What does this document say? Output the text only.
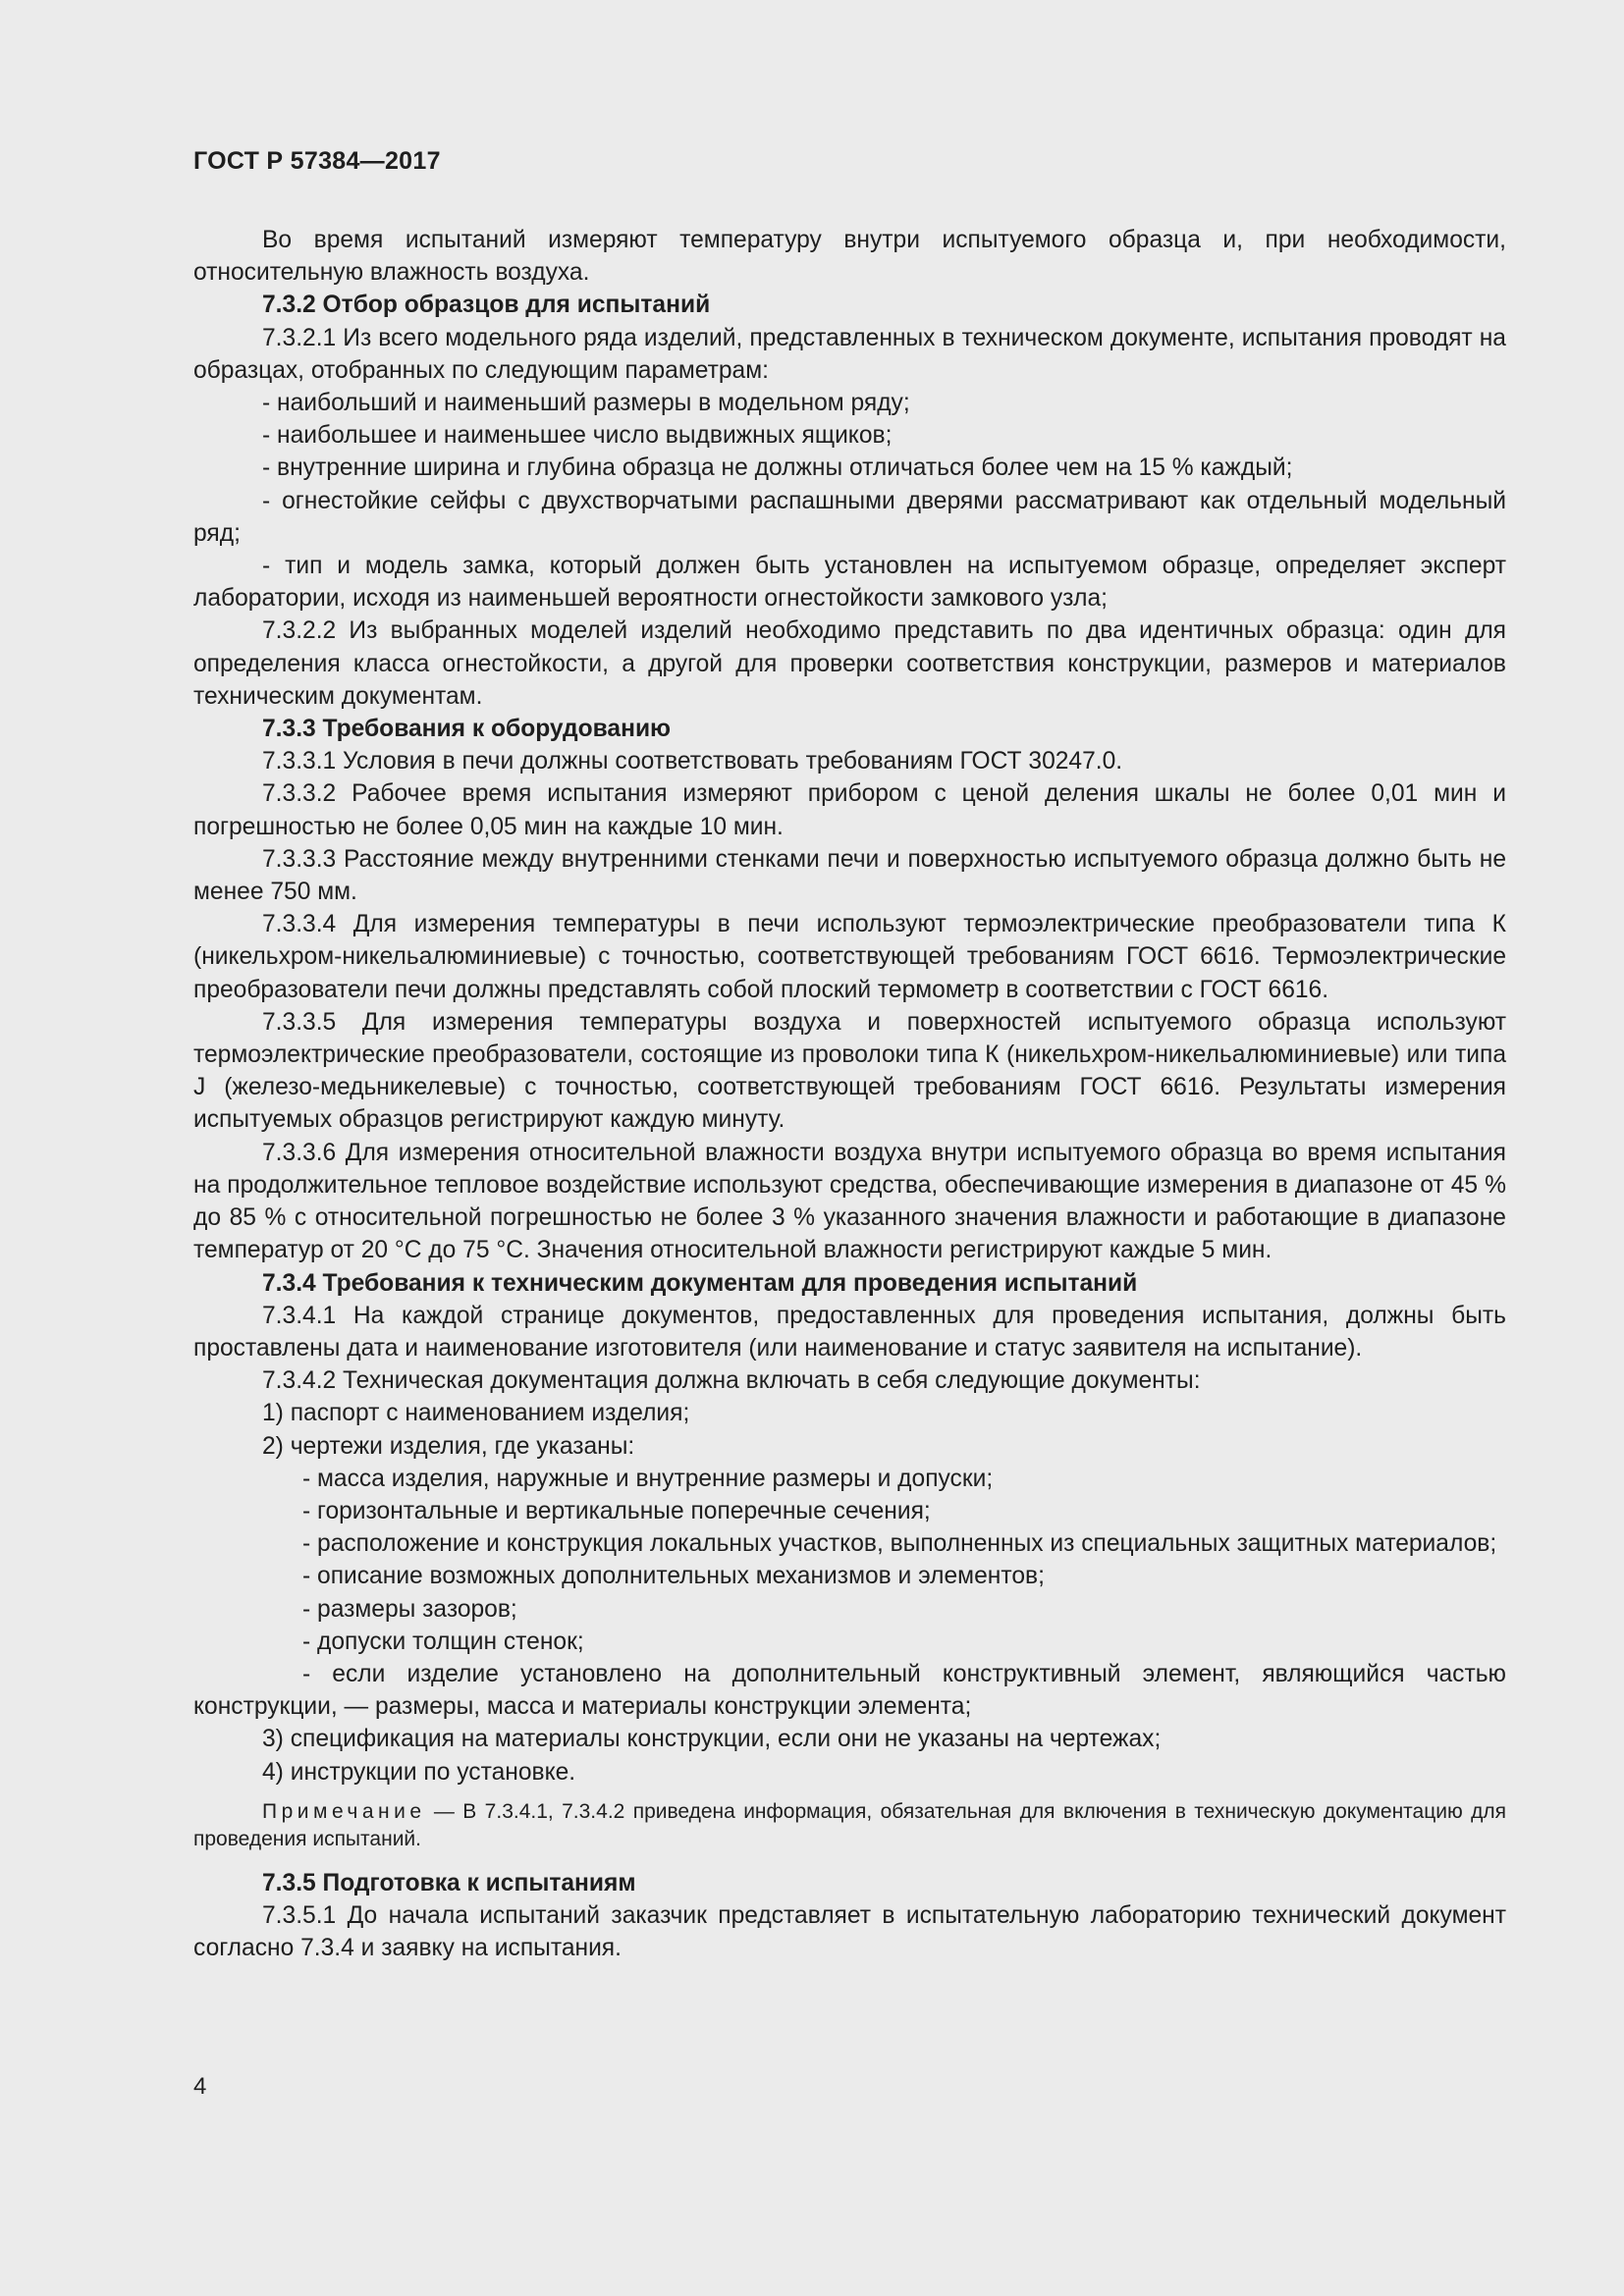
ГОСТ Р 57384—2017

Во время испытаний измеряют температуру внутри испытуемого образца и, при необходимости, относительную влажность воздуха.

7.3.2 Отбор образцов для испытаний

7.3.2.1 Из всего модельного ряда изделий, представленных в техническом документе, испытания проводят на образцах, отобранных по следующим параметрам:

- наибольший и наименьший размеры в модельном ряду;

- наибольшее и наименьшее число выдвижных ящиков;

- внутренние ширина и глубина образца не должны отличаться более чем на 15 % каждый;

- огнестойкие сейфы с двухстворчатыми распашными дверями рассматривают как отдельный модельный ряд;

- тип и модель замка, который должен быть установлен на испытуемом образце, определяет эксперт лаборатории, исходя из наименьшей вероятности огнестойкости замкового узла;

7.3.2.2 Из выбранных моделей изделий необходимо представить по два идентичных образца: один для определения класса огнестойкости, а другой для проверки соответствия конструкции, размеров и материалов техническим документам.

7.3.3 Требования к оборудованию

7.3.3.1 Условия в печи должны соответствовать требованиям ГОСТ 30247.0.

7.3.3.2 Рабочее время испытания измеряют прибором с ценой деления шкалы не более 0,01 мин и погрешностью не более 0,05 мин на каждые 10 мин.

7.3.3.3 Расстояние между внутренними стенками печи и поверхностью испытуемого образца должно быть не менее 750 мм.

7.3.3.4 Для измерения температуры в печи используют термоэлектрические преобразователи типа К (никельхром-никельалюминиевые) с точностью, соответствующей требованиям ГОСТ 6616. Термоэлектрические преобразователи печи должны представлять собой плоский термометр в соответствии с ГОСТ 6616.

7.3.3.5 Для измерения температуры воздуха и поверхностей испытуемого образца используют термоэлектрические преобразователи, состоящие из проволоки типа К (никельхром-никельалюминиевые) или типа J (железо-медьникелевые) с точностью, соответствующей требованиям ГОСТ 6616. Результаты измерения испытуемых образцов регистрируют каждую минуту.

7.3.3.6 Для измерения относительной влажности воздуха внутри испытуемого образца во время испытания на продолжительное тепловое воздействие используют средства, обеспечивающие измерения в диапазоне от 45 % до 85 % с относительной погрешностью не более 3 % указанного значения влажности и работающие в диапазоне температур от 20 °С до 75 °С. Значения относительной влажности регистрируют каждые 5 мин.

7.3.4 Требования к техническим документам для проведения испытаний

7.3.4.1 На каждой странице документов, предоставленных для проведения испытания, должны быть проставлены дата и наименование изготовителя (или наименование и статус заявителя на испытание).

7.3.4.2 Техническая документация должна включать в себя следующие документы:

1) паспорт с наименованием изделия;

2) чертежи изделия, где указаны:

- масса изделия, наружные и внутренние размеры и допуски;

- горизонтальные и вертикальные поперечные сечения;

- расположение и конструкция локальных участков, выполненных из специальных защитных материалов;

- описание возможных дополнительных механизмов и элементов;

- размеры зазоров;

- допуски толщин стенок;

- если изделие установлено на дополнительный конструктивный элемент, являющийся частью конструкции, — размеры, масса и материалы конструкции элемента;

3) спецификация на материалы конструкции, если они не указаны на чертежах;

4) инструкции по установке.

Примечание — В 7.3.4.1, 7.3.4.2 приведена информация, обязательная для включения в техническую документацию для проведения испытаний.

7.3.5 Подготовка к испытаниям

7.3.5.1 До начала испытаний заказчик представляет в испытательную лабораторию технический документ согласно 7.3.4 и заявку на испытания.

4
